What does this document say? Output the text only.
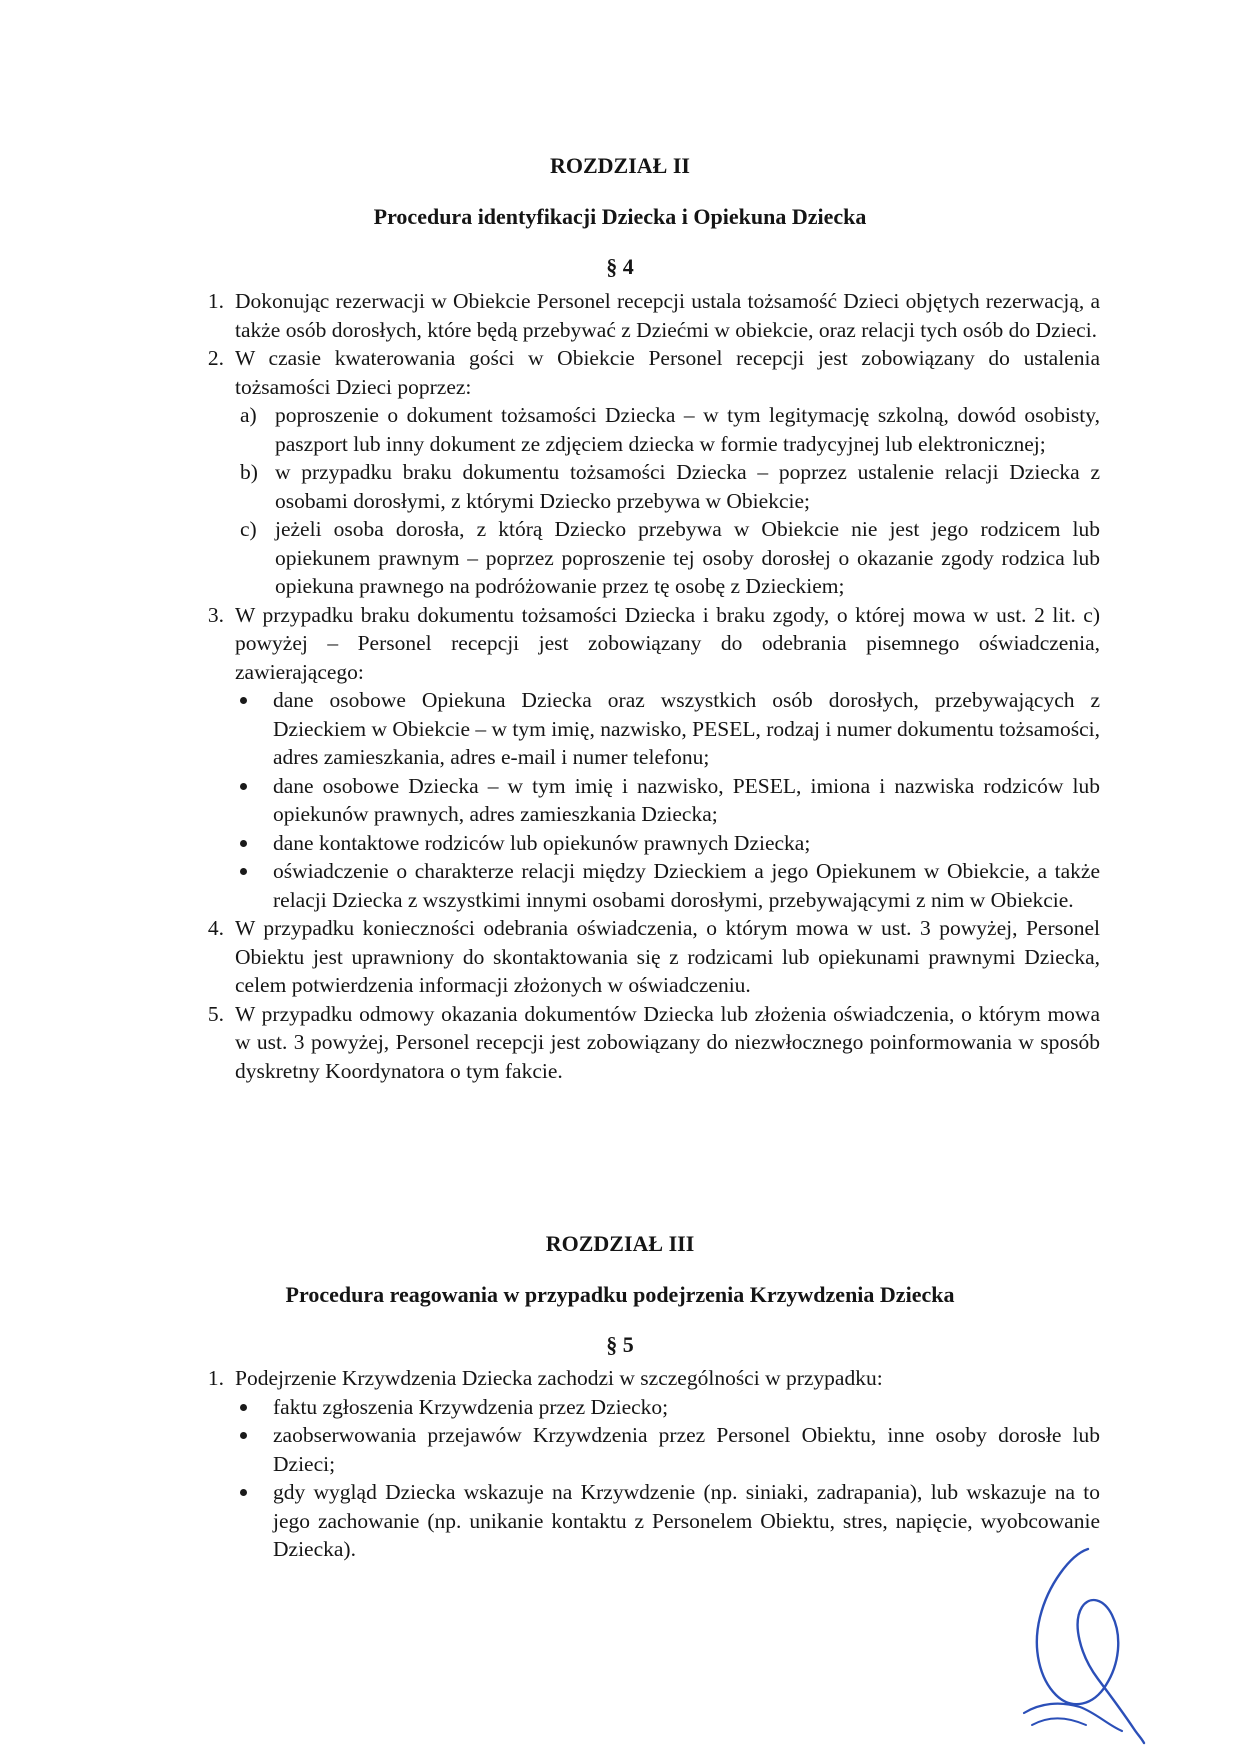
ROZDZIAŁ II
Procedura identyfikacji Dziecka i Opiekuna Dziecka
§ 4
1. Dokonując rezerwacji w Obiekcie Personel recepcji ustala tożsamość Dzieci objętych rezerwacją, a także osób dorosłych, które będą przebywać z Dziećmi w obiekcie, oraz relacji tych osób do Dzieci.
2. W czasie kwaterowania gości w Obiekcie Personel recepcji jest zobowiązany do ustalenia tożsamości Dzieci poprzez:
a) poproszenie o dokument tożsamości Dziecka – w tym legitymację szkolną, dowód osobisty, paszport lub inny dokument ze zdjęciem dziecka w formie tradycyjnej lub elektronicznej;
b) w przypadku braku dokumentu tożsamości Dziecka – poprzez ustalenie relacji Dziecka z osobami dorosłymi, z którymi Dziecko przebywa w Obiekcie;
c) jeżeli osoba dorosła, z którą Dziecko przebywa w Obiekcie nie jest jego rodzicem lub opiekunem prawnym – poprzez poproszenie tej osoby dorosłej o okazanie zgody rodzica lub opiekuna prawnego na podróżowanie przez tę osobę z Dzieckiem;
3. W przypadku braku dokumentu tożsamości Dziecka i braku zgody, o której mowa w ust. 2 lit. c) powyżej – Personel recepcji jest zobowiązany do odebrania pisemnego oświadczenia, zawierającego:
dane osobowe Opiekuna Dziecka oraz wszystkich osób dorosłych, przebywających z Dzieckiem w Obiekcie – w tym imię, nazwisko, PESEL, rodzaj i numer dokumentu tożsamości, adres zamieszkania, adres e-mail i numer telefonu;
dane osobowe Dziecka – w tym imię i nazwisko, PESEL, imiona i nazwiska rodziców lub opiekunów prawnych, adres zamieszkania Dziecka;
dane kontaktowe rodziców lub opiekunów prawnych Dziecka;
oświadczenie o charakterze relacji między Dzieckiem a jego Opiekunem w Obiekcie, a także relacji Dziecka z wszystkimi innymi osobami dorosłymi, przebywającymi z nim w Obiekcie.
4. W przypadku konieczności odebrania oświadczenia, o którym mowa w ust. 3 powyżej, Personel Obiektu jest uprawniony do skontaktowania się z rodzicami lub opiekunami prawnymi Dziecka, celem potwierdzenia informacji złożonych w oświadczeniu.
5. W przypadku odmowy okazania dokumentów Dziecka lub złożenia oświadczenia, o którym mowa w ust. 3 powyżej, Personel recepcji jest zobowiązany do niezwłocznego poinformowania w sposób dyskretny Koordynatora o tym fakcie.
ROZDZIAŁ III
Procedura reagowania w przypadku podejrzenia Krzywdzenia Dziecka
§ 5
1. Podejrzenie Krzywdzenia Dziecka zachodzi w szczególności w przypadku:
faktu zgłoszenia Krzywdzenia przez Dziecko;
zaobserwowania przejawów Krzywdzenia przez Personel Obiektu, inne osoby dorosłe lub Dzieci;
gdy wygląd Dziecka wskazuje na Krzywdzenie (np. siniaki, zadrapania), lub wskazuje na to jego zachowanie (np. unikanie kontaktu z Personelem Obiektu, stres, napięcie, wyobcowanie Dziecka).
